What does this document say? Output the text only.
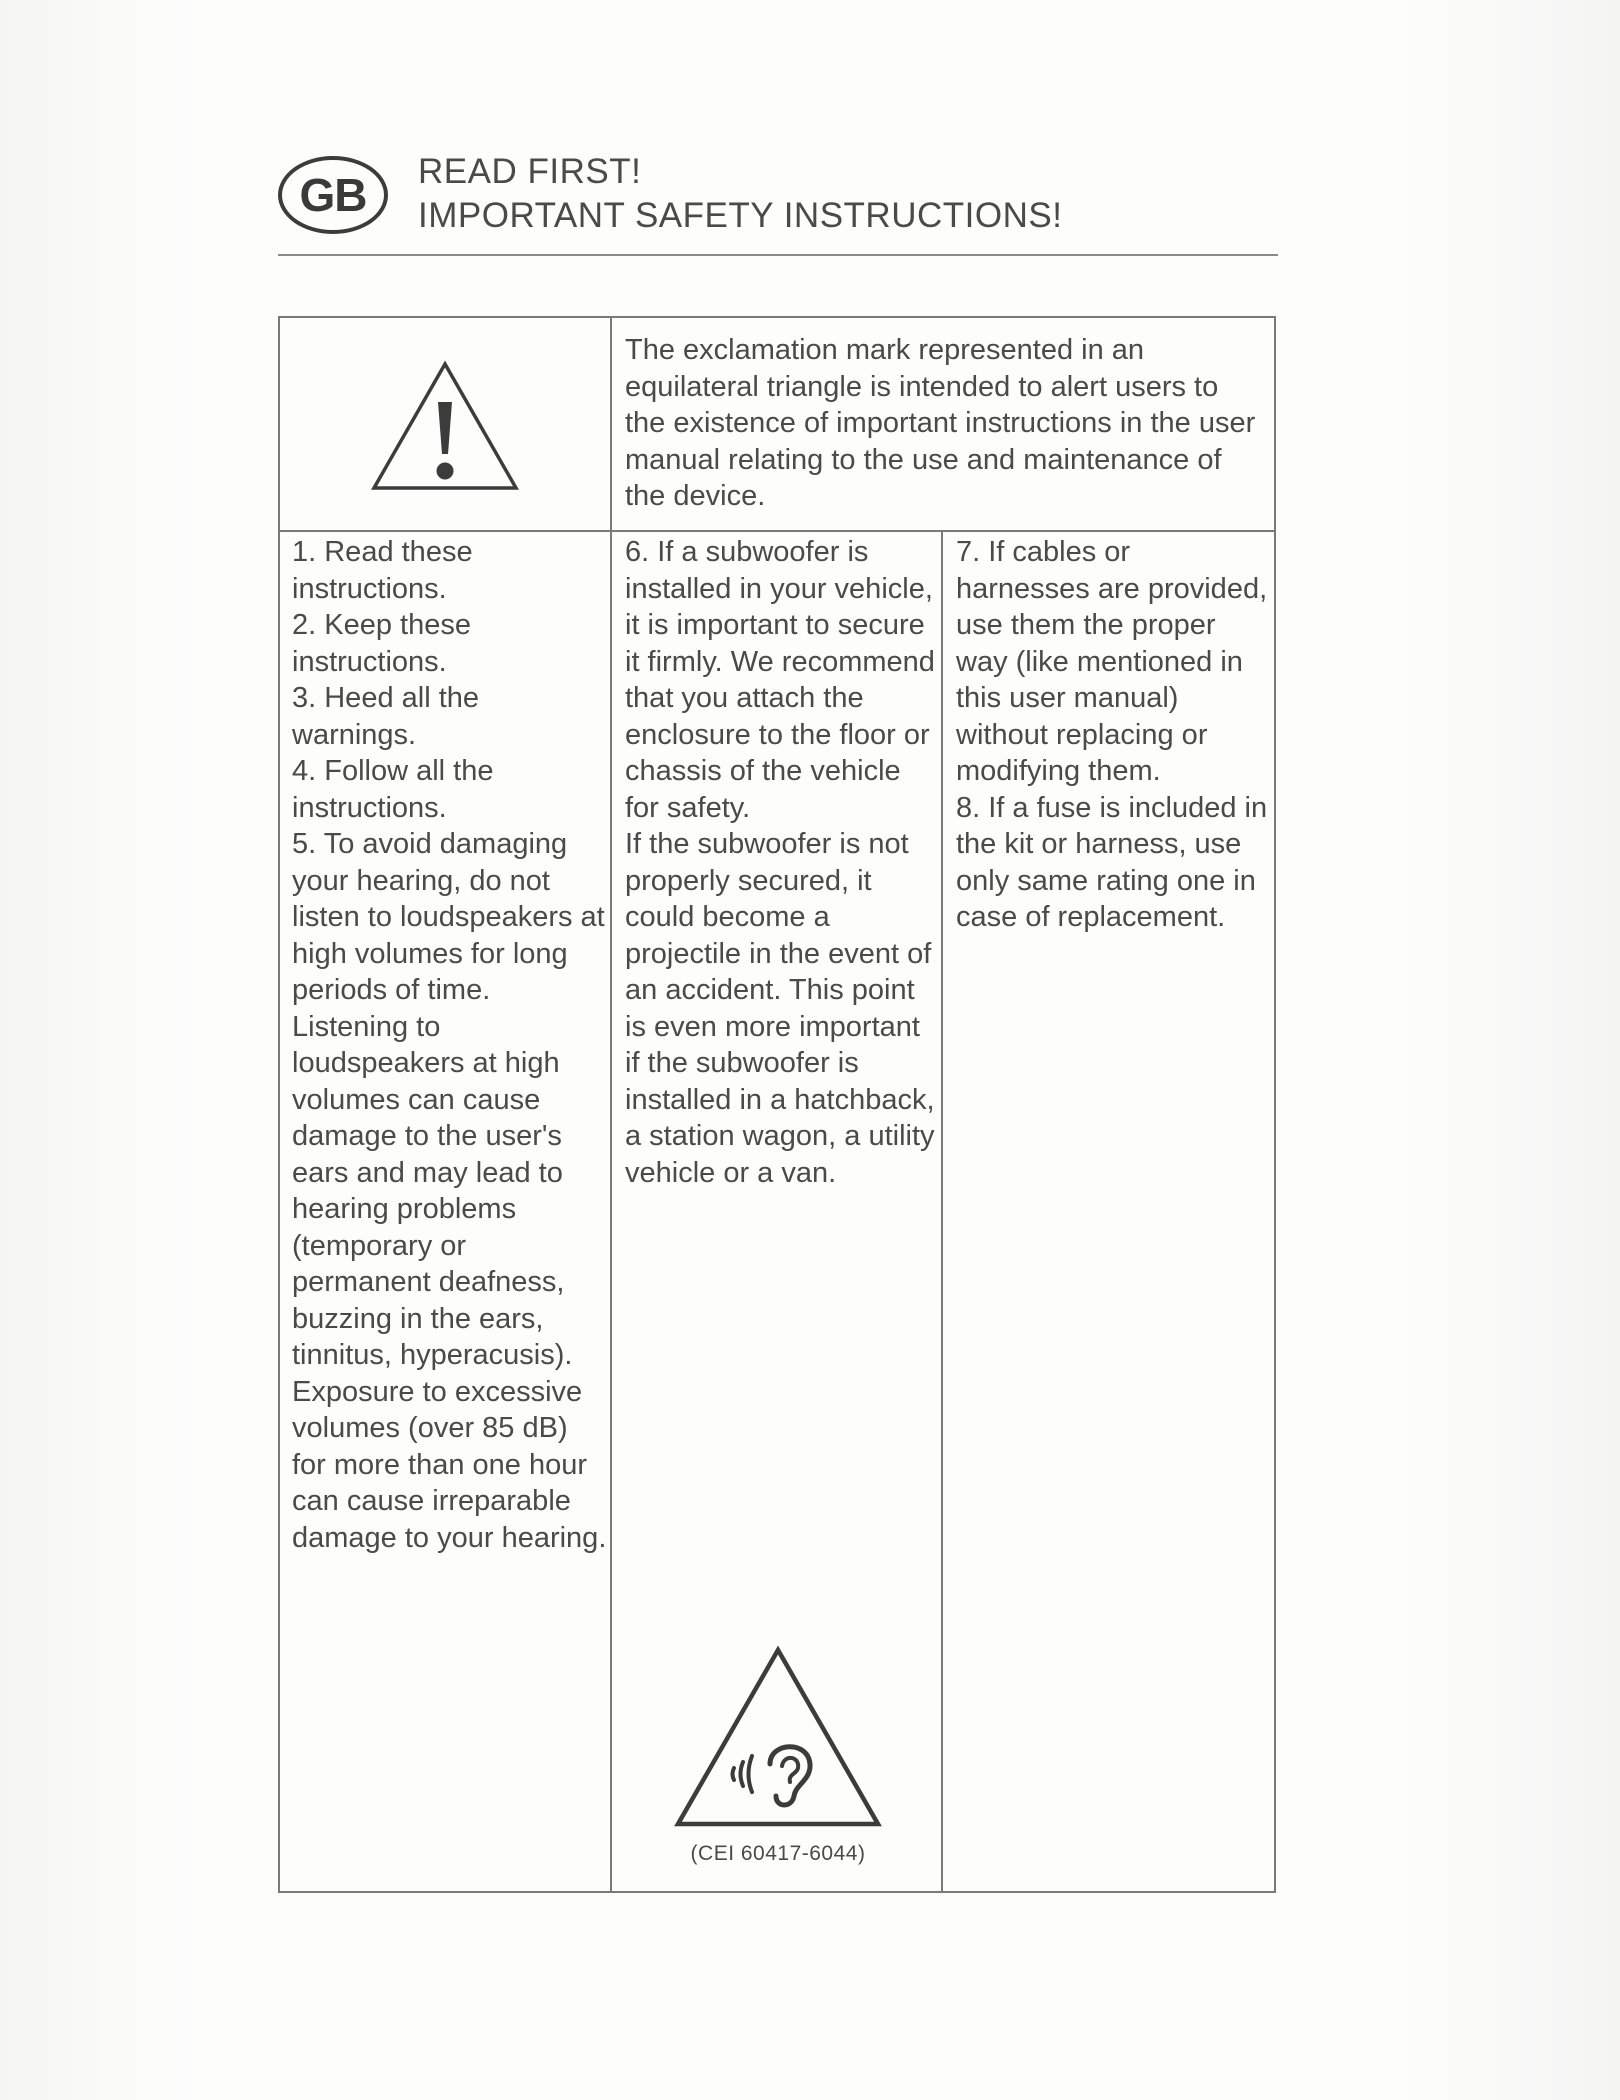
GB	READ FIRST!
IMPORTANT SAFETY INSTRUCTIONS!
The exclamation mark represented in an equilateral triangle is intended to alert users to the existence of important instructions in the user manual relating to the use and maintenance of the device.

1. Read these instructions.

2. Keep these instructions.

3. Heed all the warnings.

4. Follow all the instructions.

5. To avoid damaging your hearing, do not listen to loudspeakers at high volumes for long periods of time. Listening to loudspeakers at high volumes can cause damage to the user's ears and may lead to hearing problems (temporary or permanent deafness, buzzing in the ears, tinnitus, hyperacusis). Exposure to excessive volumes (over 85 dB) for more than one hour can cause irreparable damage to your hearing.

6. If a subwoofer is installed in your vehicle, it is important to secure it firmly. We recommend that you attach the enclosure to the floor or chassis of the vehicle for safety.

If the subwoofer is not properly secured, it could become a projectile in the event of an accident. This point is even more important if the subwoofer is installed in a hatchback, a station wagon, a utility vehicle or a van.

7. If cables or harnesses are provided, use them the proper way (like mentioned in this user manual) without replacing or modifying them.

8. If a fuse is included in the kit or harness, use only same rating one in case of replacement.

(CEI 60417-6044)
